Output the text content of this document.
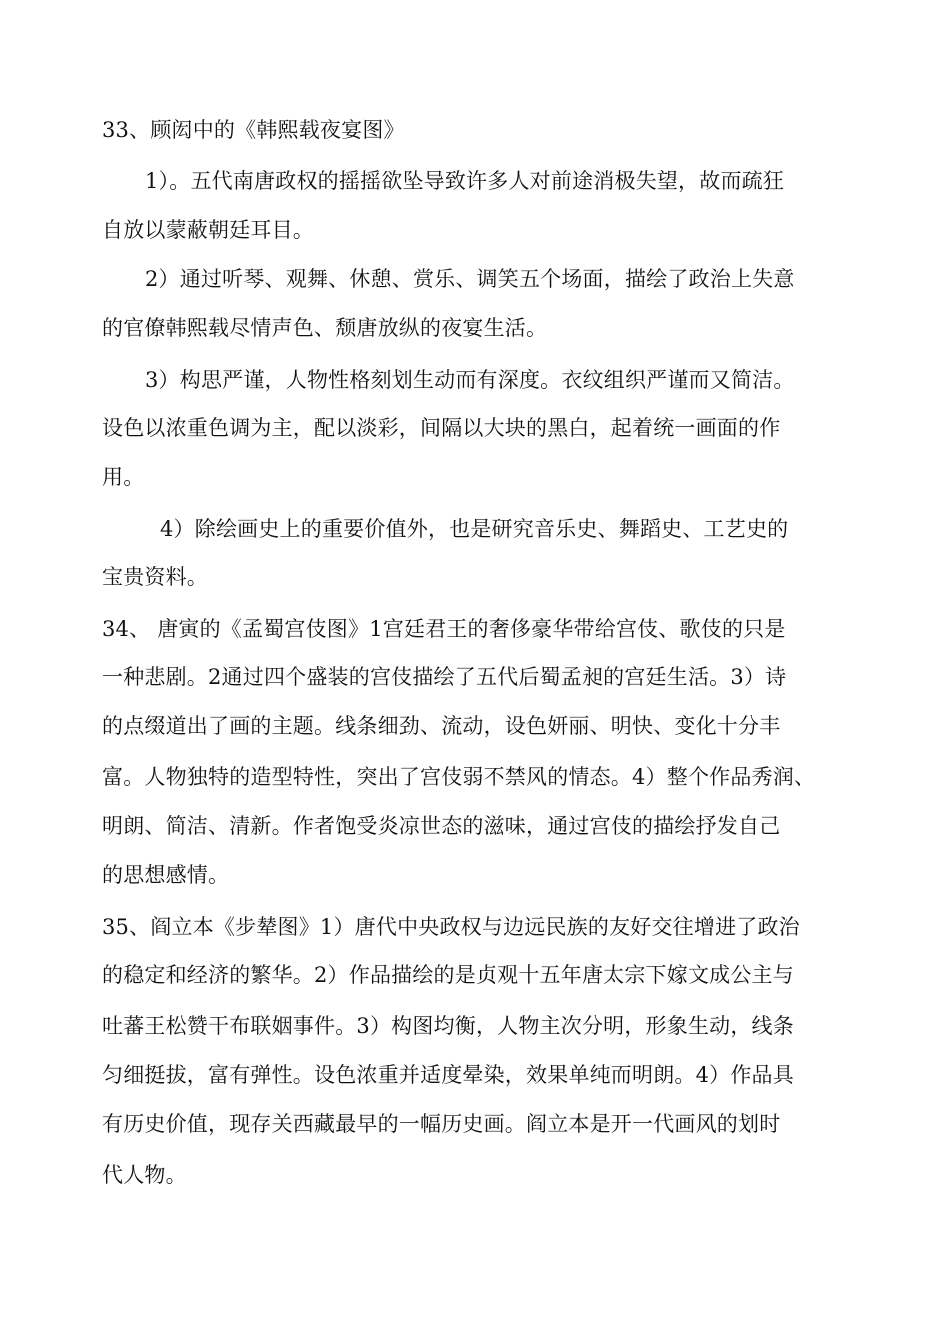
33、顾闳中的《韩熙载夜宴图》
1）。五代南唐政权的摇摇欲坠导致许多人对前途消极失望，故而疏狂
自放以蒙蔽朝廷耳目。
2）通过听琴、观舞、休憩、赏乐、调笑五个场面，描绘了政治上失意
的官僚韩熙载尽情声色、颓唐放纵的夜宴生活。
3）构思严谨，人物性格刻划生动而有深度。衣纹组织严谨而又简洁。
设色以浓重色调为主，配以淡彩，间隔以大块的黑白，起着统一画面的作
用。
4）除绘画史上的重要价值外，也是研究音乐史、舞蹈史、工艺史的
宝贵资料。
34、 唐寅的《孟蜀宫伎图》1宫廷君王的奢侈豪华带给宫伎、歌伎的只是
一种悲剧。2通过四个盛装的宫伎描绘了五代后蜀孟昶的宫廷生活。3）诗
的点缀道出了画的主题。线条细劲、流动，设色妍丽、明快、变化十分丰
富。人物独特的造型特性，突出了宫伎弱不禁风的情态。4）整个作品秀润、
明朗、简洁、清新。作者饱受炎凉世态的滋味，通过宫伎的描绘抒发自己
的思想感情。
35、阎立本《步辇图》1）唐代中央政权与边远民族的友好交往增进了政治
的稳定和经济的繁华。2）作品描绘的是贞观十五年唐太宗下嫁文成公主与
吐蕃王松赞干布联姻事件。3）构图均衡，人物主次分明，形象生动，线条
匀细挺拔，富有弹性。设色浓重并适度晕染，效果单纯而明朗。4）作品具
有历史价值，现存关西藏最早的一幅历史画。阎立本是开一代画风的划时
代人物。
